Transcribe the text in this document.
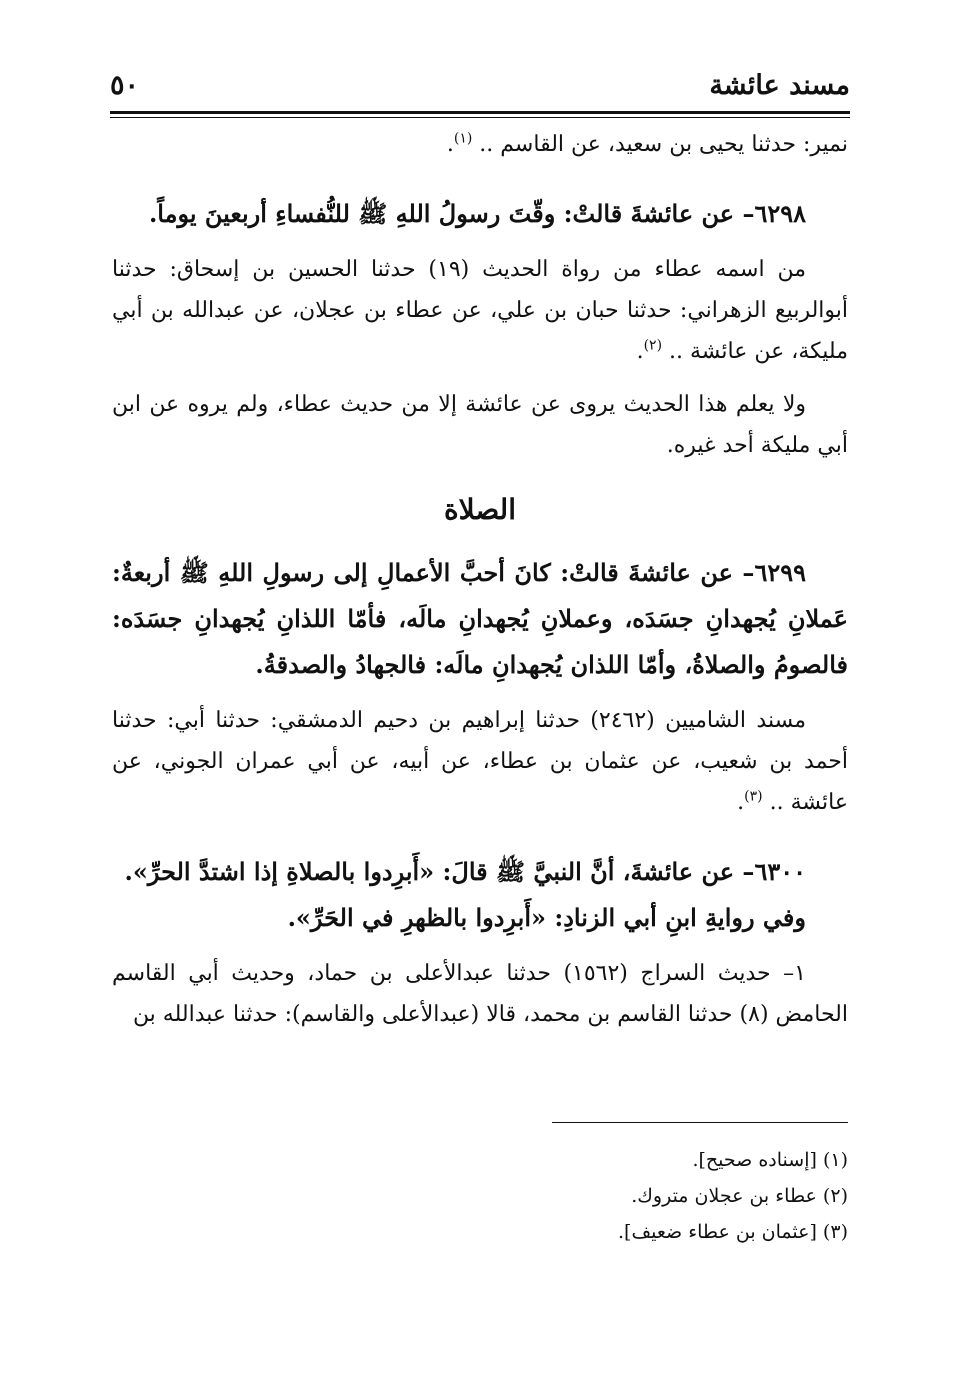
مسند عائشة
٥٠

نمير: حدثنا يحيى بن سعيد، عن القاسم .. $^{(١)}$.

٦٢٩٨– عن عائشةَ قالتْ: وقّتَ رسولُ اللهِ ﷺ للنُّفساءِ أربعينَ يوماً.

من اسمه عطاء من رواة الحديث (١٩) حدثنا الحسين بن إسحاق: حدثنا أبوالربيع الزهراني: حدثنا حبان بن علي، عن عطاء بن عجلان، عن عبدالله بن أبي مليكة، عن عائشة .. $^{(٢)}$.

ولا يعلم هذا الحديث يروى عن عائشة إلا من حديث عطاء، ولم يروه عن ابن أبي مليكة أحد غيره.

الصلاة

٦٢٩٩– عن عائشةَ قالتْ: كانَ أحبَّ الأعمالِ إلى رسولِ اللهِ ﷺ أربعةٌ: عَملانِ يُجهدانِ جسَدَه، وعملانِ يُجهدانِ مالَه، فأمّا اللذانِ يُجهدانِ جسَدَه: فالصومُ والصلاةُ، وأمّا اللذان يُجهدانِ مالَه: فالجهادُ والصدقةُ.

مسند الشاميين (٢٤٦٢) حدثنا إبراهيم بن دحيم الدمشقي: حدثنا أبي: حدثنا أحمد بن شعيب، عن عثمان بن عطاء، عن أبيه، عن أبي عمران الجوني، عن عائشة .. $^{(٣)}$.

٦٣٠٠– عن عائشةَ، أنَّ النبيَّ ﷺ قالَ: «أَبرِدوا بالصلاةِ إذا اشتدَّ الحرِّ».

وفي روايةِ ابنِ أبي الزنادِ: «أَبرِدوا بالظهرِ في الحَرِّ».

١– حديث السراج (١٥٦٢) حدثنا عبدالأعلى بن حماد، وحديث أبي القاسم الحامض (٨) حدثنا القاسم بن محمد، قالا (عبدالأعلى والقاسم): حدثنا عبدالله بن

(١) [إسناده صحيح].
(٢) عطاء بن عجلان متروك.
(٣) [عثمان بن عطاء ضعيف].
